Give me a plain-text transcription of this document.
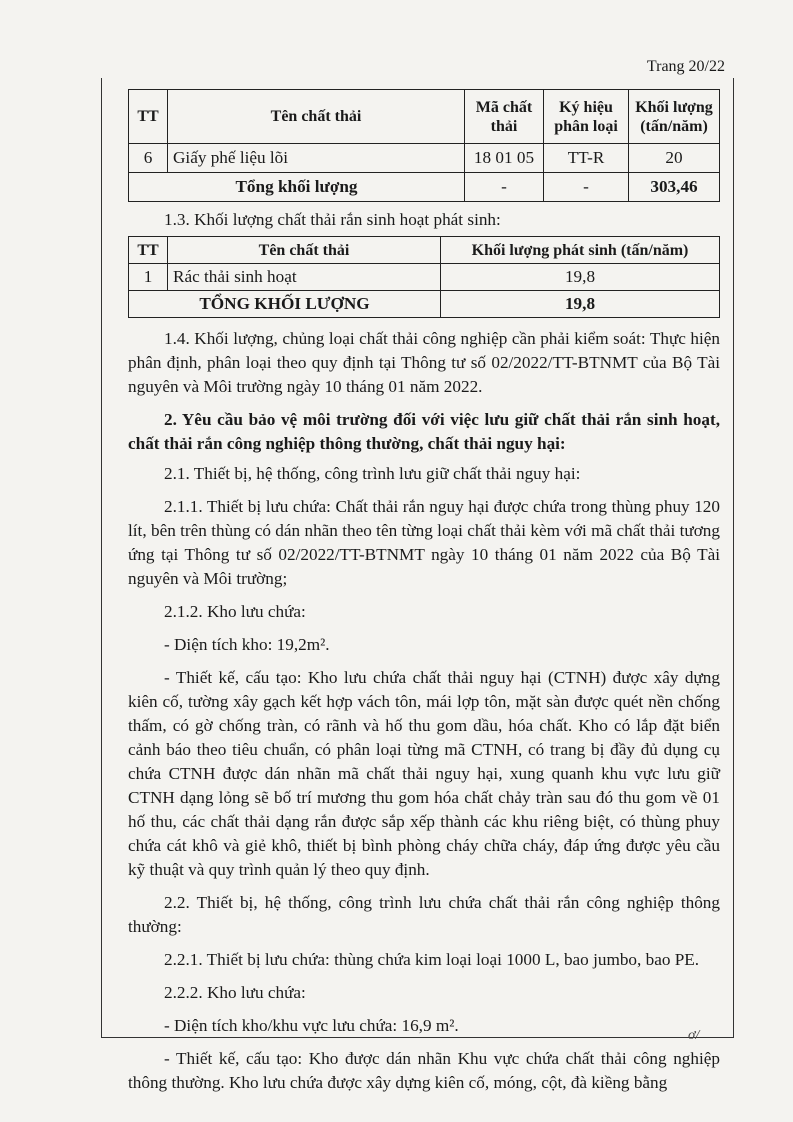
Trang 20/22
TT	Tên chất thải	Mã chất thải	Ký hiệu phân loại	Khối lượng (tấn/năm)
6	Giấy phế liệu lõi	18 01 05	TT-R	20
Tổng khối lượng		-	-	303,46

1.3. Khối lượng chất thải rắn sinh hoạt phát sinh:

TT	Tên chất thải	Khối lượng phát sinh (tấn/năm)
1	Rác thải sinh hoạt	19,8
TỔNG KHỐI LƯỢNG		19,8

1.4. Khối lượng, chủng loại chất thải công nghiệp cần phải kiểm soát: Thực hiện phân định, phân loại theo quy định tại Thông tư số 02/2022/TT-BTNMT của Bộ Tài nguyên và Môi trường ngày 10 tháng 01 năm 2022.

2. Yêu cầu bảo vệ môi trường đối với việc lưu giữ chất thải rắn sinh hoạt, chất thải rắn công nghiệp thông thường, chất thải nguy hại:

2.1. Thiết bị, hệ thống, công trình lưu giữ chất thải nguy hại:

2.1.1. Thiết bị lưu chứa: Chất thải rắn nguy hại được chứa trong thùng phuy 120 lít, bên trên thùng có dán nhãn theo tên từng loại chất thải kèm với mã chất thải tương ứng tại Thông tư số 02/2022/TT-BTNMT ngày 10 tháng 01 năm 2022 của Bộ Tài nguyên và Môi trường;

2.1.2. Kho lưu chứa:

- Diện tích kho: 19,2m².

- Thiết kế, cấu tạo: Kho lưu chứa chất thải nguy hại (CTNH) được xây dựng kiên cố, tường xây gạch kết hợp vách tôn, mái lợp tôn, mặt sàn được quét nền chống thấm, có gờ chống tràn, có rãnh và hố thu gom dầu, hóa chất. Kho có lắp đặt biển cảnh báo theo tiêu chuẩn, có phân loại từng mã CTNH, có trang bị đầy đủ dụng cụ chứa CTNH được dán nhãn mã chất thải nguy hại, xung quanh khu vực lưu giữ CTNH dạng lỏng sẽ bố trí mương thu gom hóa chất chảy tràn sau đó thu gom về 01 hố thu, các chất thải dạng rắn được sắp xếp thành các khu riêng biệt, có thùng phuy chứa cát khô và giẻ khô, thiết bị bình phòng cháy chữa cháy, đáp ứng được yêu cầu kỹ thuật và quy trình quản lý theo quy định.

2.2. Thiết bị, hệ thống, công trình lưu chứa chất thải rắn công nghiệp thông thường:

2.2.1. Thiết bị lưu chứa: thùng chứa kim loại loại 1000 L, bao jumbo, bao PE.

2.2.2. Kho lưu chứa:

- Diện tích kho/khu vực lưu chứa: 16,9 m².

- Thiết kế, cấu tạo: Kho được dán nhãn Khu vực chứa chất thải công nghiệp thông thường. Kho lưu chứa được xây dựng kiên cố, móng, cột, đà kiềng bằng

ơ/
